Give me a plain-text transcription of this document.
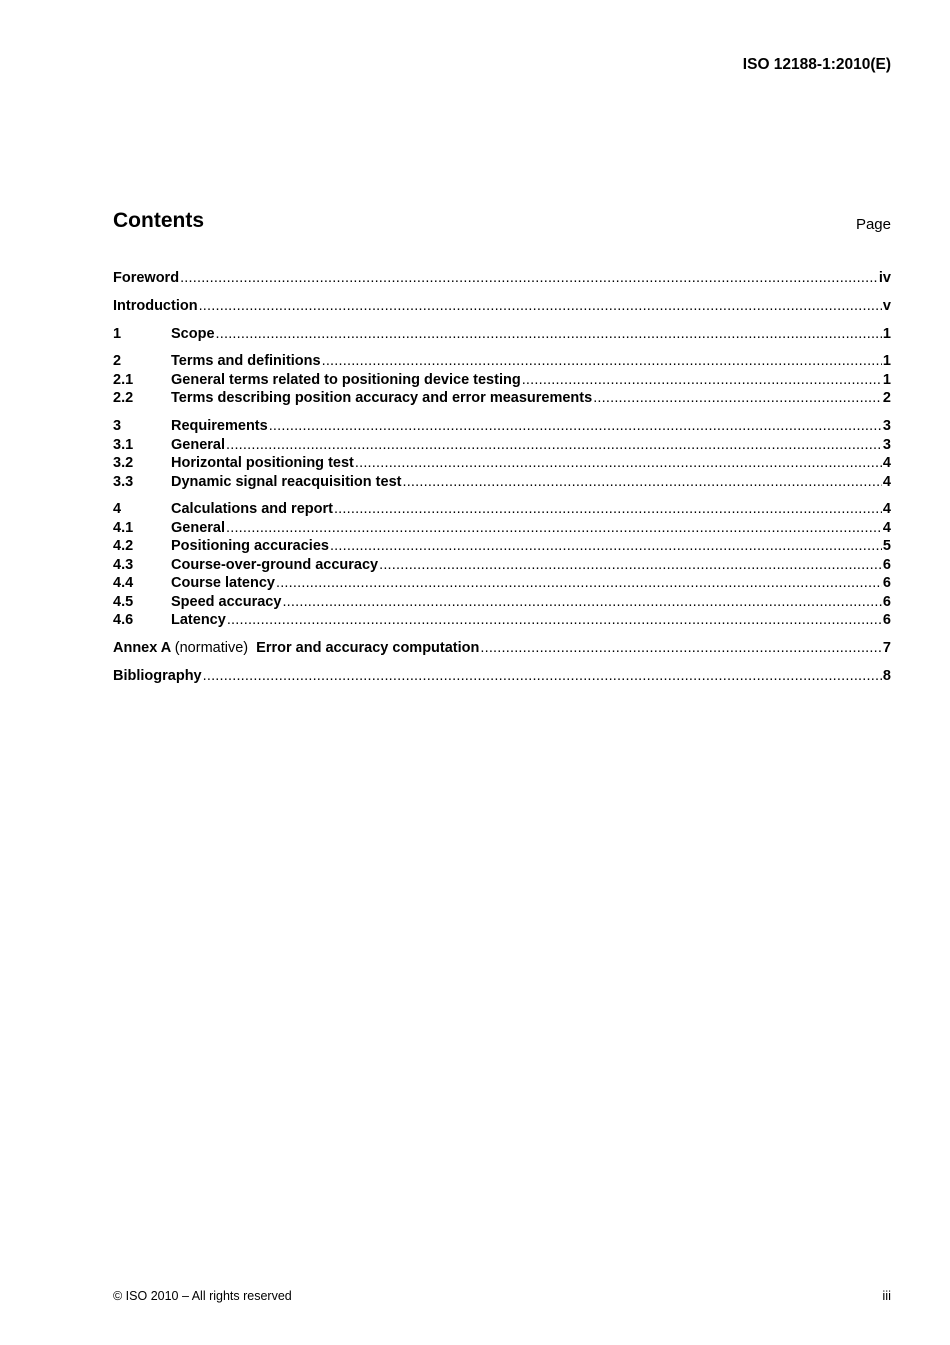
ISO 12188-1:2010(E)
Contents	Page
Foreword .....	iv
Introduction .....	v
1	Scope .....	1
2	Terms and definitions .....	1
2.1	General terms related to positioning device testing .....	1
2.2	Terms describing position accuracy and error measurements .....	2
3	Requirements .....	3
3.1	General .....	3
3.2	Horizontal positioning test .....	4
3.3	Dynamic signal reacquisition test .....	4
4	Calculations and report .....	4
4.1	General .....	4
4.2	Positioning accuracies .....	5
4.3	Course-over-ground accuracy .....	6
4.4	Course latency .....	6
4.5	Speed accuracy .....	6
4.6	Latency .....	6
Annex A (normative) Error and accuracy computation .....	7
Bibliography .....	8
© ISO 2010 – All rights reserved	iii
